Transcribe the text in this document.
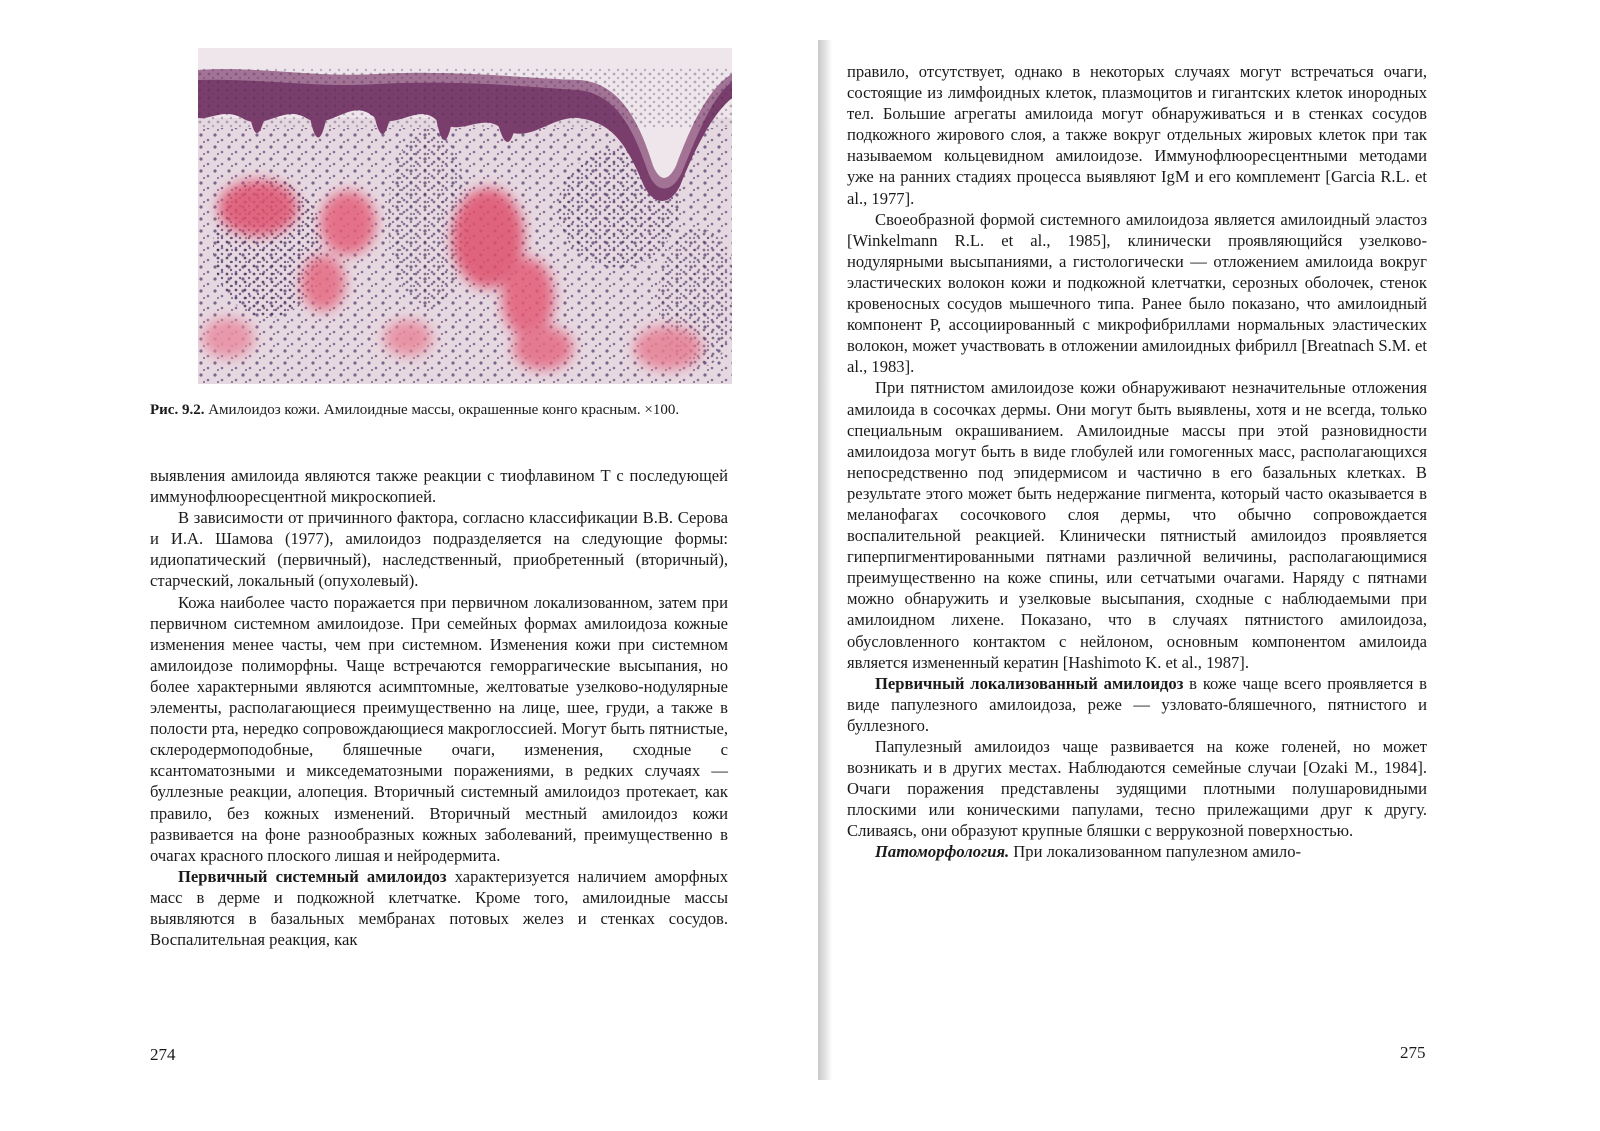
Рис. 9.2. Амилоидоз кожи. Амилоидные массы, окрашенные конго красным. ×100.

выявления амилоида являются также реакции с тиофлавином Т с последующей иммунофлюоресцентной микроскопией.

В зависимости от причинного фактора, согласно классификации В.В. Серова и И.А. Шамова (1977), амилоидоз подразделяется на следующие формы: идиопатический (первичный), наследственный, приобретенный (вторичный), старческий, локальный (опухолевый).

Кожа наиболее часто поражается при первичном локализованном, затем при первичном системном амилоидозе. При семейных формах амилоидоза кожные изменения менее часты, чем при системном. Изменения кожи при системном амилоидозе полиморфны. Чаще встречаются геморрагические высыпания, но более характерными являются асимптомные, желтоватые узелково-нодулярные элементы, располагающиеся преимущественно на лице, шее, груди, а также в полости рта, нередко сопровождающиеся макроглоссией. Могут быть пятнистые, склеродермоподобные, бляшечные очаги, изменения, сходные с ксантоматозными и микседематозными поражениями, в редких случаях — буллезные реакции, алопеция. Вторичный системный амилоидоз протекает, как правило, без кожных изменений. Вторичный местный амилоидоз кожи развивается на фоне разнообразных кожных заболеваний, преимущественно в очагах красного плоского лишая и нейродермита.

Первичный системный амилоидоз характеризуется наличием аморфных масс в дерме и подкожной клетчатке. Кроме того, амилоидные массы выявляются в базальных мембранах потовых желез и стенках сосудов. Воспалительная реакция, как

274

правило, отсутствует, однако в некоторых случаях могут встречаться очаги, состоящие из лимфоидных клеток, плазмоцитов и гигантских клеток инородных тел. Большие агрегаты амилоида могут обнаруживаться и в стенках сосудов подкожного жирового слоя, а также вокруг отдельных жировых клеток при так называемом кольцевидном амилоидозе. Иммунофлюоресцентными методами уже на ранних стадиях процесса выявляют IgM и его комплемент [Garcia R.L. et al., 1977].

Своеобразной формой системного амилоидоза является амилоидный эластоз [Winkelmann R.L. et al., 1985], клинически проявляющийся узелково-нодулярными высыпаниями, а гистологически — отложением амилоида вокруг эластических волокон кожи и подкожной клетчатки, серозных оболочек, стенок кровеносных сосудов мышечного типа. Ранее было показано, что амилоидный компонент Р, ассоциированный с микрофибриллами нормальных эластических волокон, может участвовать в отложении амилоидных фибрилл [Breatnach S.M. et al., 1983].

При пятнистом амилоидозе кожи обнаруживают незначительные отложения амилоида в сосочках дермы. Они могут быть выявлены, хотя и не всегда, только специальным окрашиванием. Амилоидные массы при этой разновидности амилоидоза могут быть в виде глобулей или гомогенных масс, располагающихся непосредственно под эпидермисом и частично в его базальных клетках. В результате этого может быть недержание пигмента, который часто оказывается в меланофагах сосочкового слоя дермы, что обычно сопровождается воспалительной реакцией. Клинически пятнистый амилоидоз проявляется гиперпигментированными пятнами различной величины, располагающимися преимущественно на коже спины, или сетчатыми очагами. Наряду с пятнами можно обнаружить и узелковые высыпания, сходные с наблюдаемыми при амилоидном лихене. Показано, что в случаях пятнистого амилоидоза, обусловленного контактом с нейлоном, основным компонентом амилоида является измененный кератин [Hashimoto K. et al., 1987].

Первичный локализованный амилоидоз в коже чаще всего проявляется в виде папулезного амилоидоза, реже — узловато-бляшечного, пятнистого и буллезного.

Папулезный амилоидоз чаще развивается на коже голеней, но может возникать и в других местах. Наблюдаются семейные случаи [Ozaki M., 1984]. Очаги поражения представлены зудящими плотными полушаровидными плоскими или коническими папулами, тесно прилежащими друг к другу. Сливаясь, они образуют крупные бляшки с веррукозной поверхностью.

Патоморфология. При локализованном папулезном амило-

275
